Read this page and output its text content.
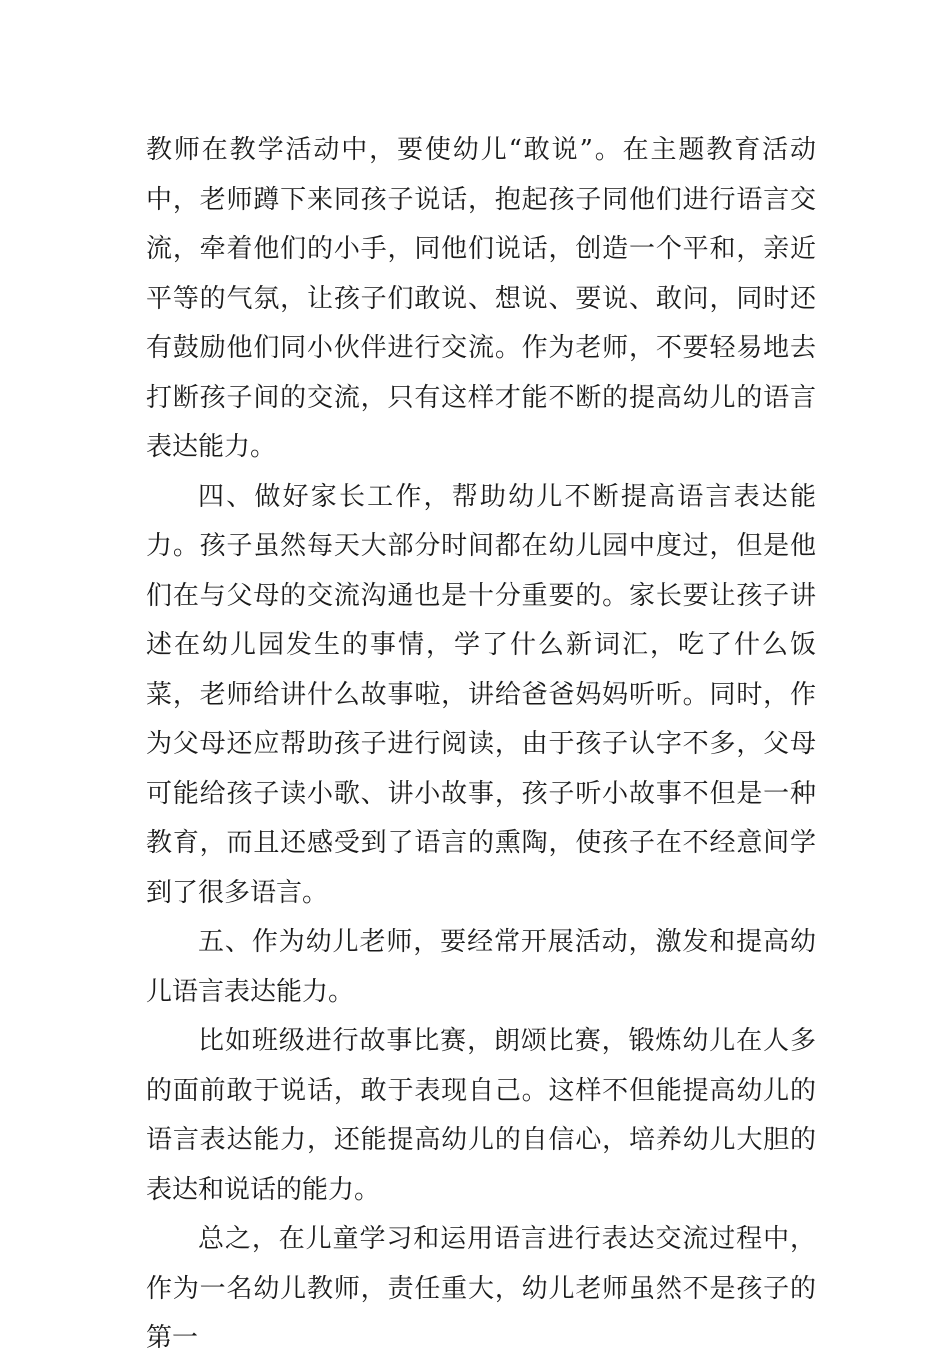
教师在教学活动中，要使幼儿“敢说”。在主题教育活动中，老师蹲下来同孩子说话，抱起孩子同他们进行语言交流，牵着他们的小手，同他们说话，创造一个平和，亲近平等的气氛，让孩子们敢说、想说、要说、敢问，同时还有鼓励他们同小伙伴进行交流。作为老师，不要轻易地去打断孩子间的交流，只有这样才能不断的提高幼儿的语言表达能力。

四、做好家长工作，帮助幼儿不断提高语言表达能力。孩子虽然每天大部分时间都在幼儿园中度过，但是他们在与父母的交流沟通也是十分重要的。家长要让孩子讲述在幼儿园发生的事情，学了什么新词汇，吃了什么饭菜，老师给讲什么故事啦，讲给爸爸妈妈听听。同时，作为父母还应帮助孩子进行阅读，由于孩子认字不多，父母可能给孩子读小歌、讲小故事，孩子听小故事不但是一种教育，而且还感受到了语言的熏陶，使孩子在不经意间学到了很多语言。

五、作为幼儿老师，要经常开展活动，激发和提高幼儿语言表达能力。

比如班级进行故事比赛，朗颂比赛，锻炼幼儿在人多的面前敢于说话，敢于表现自己。这样不但能提高幼儿的语言表达能力，还能提高幼儿的自信心，培养幼儿大胆的表达和说话的能力。

总之，在儿童学习和运用语言进行表达交流过程中，作为一名幼儿教师，责任重大，幼儿老师虽然不是孩子的第一
